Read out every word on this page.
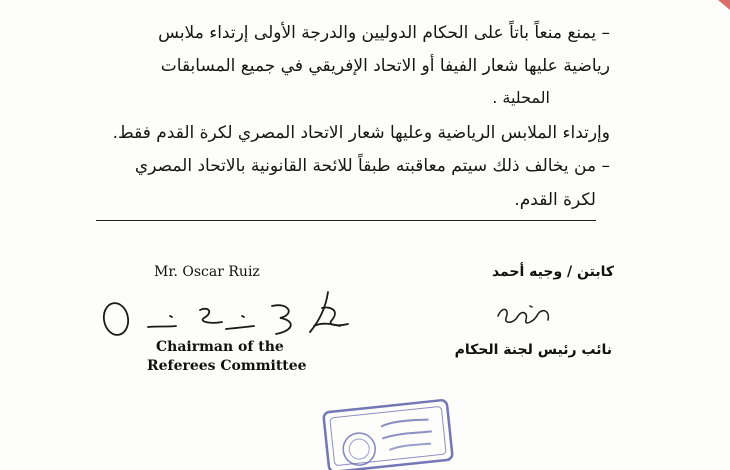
– يمنع منعاً باتاً على الحكام الدوليين والدرجة الأولى إرتداء ملابس
رياضية عليها شعار الفيفا أو الاتحاد الإفريقي في جميع المسابقات
المحلية .
وإرتداء الملابس الرياضية وعليها شعار الاتحاد المصري لكرة القدم فقط.
– من يخالف ذلك سيتم معاقبته طبقاً للائحة القانونية بالاتحاد المصري
لكرة القدم.
Mr. Oscar Ruiz
Chairman of the
Referees Committee
كابتن / وجيه أحمد
نائب رئيس لجنة الحكام
